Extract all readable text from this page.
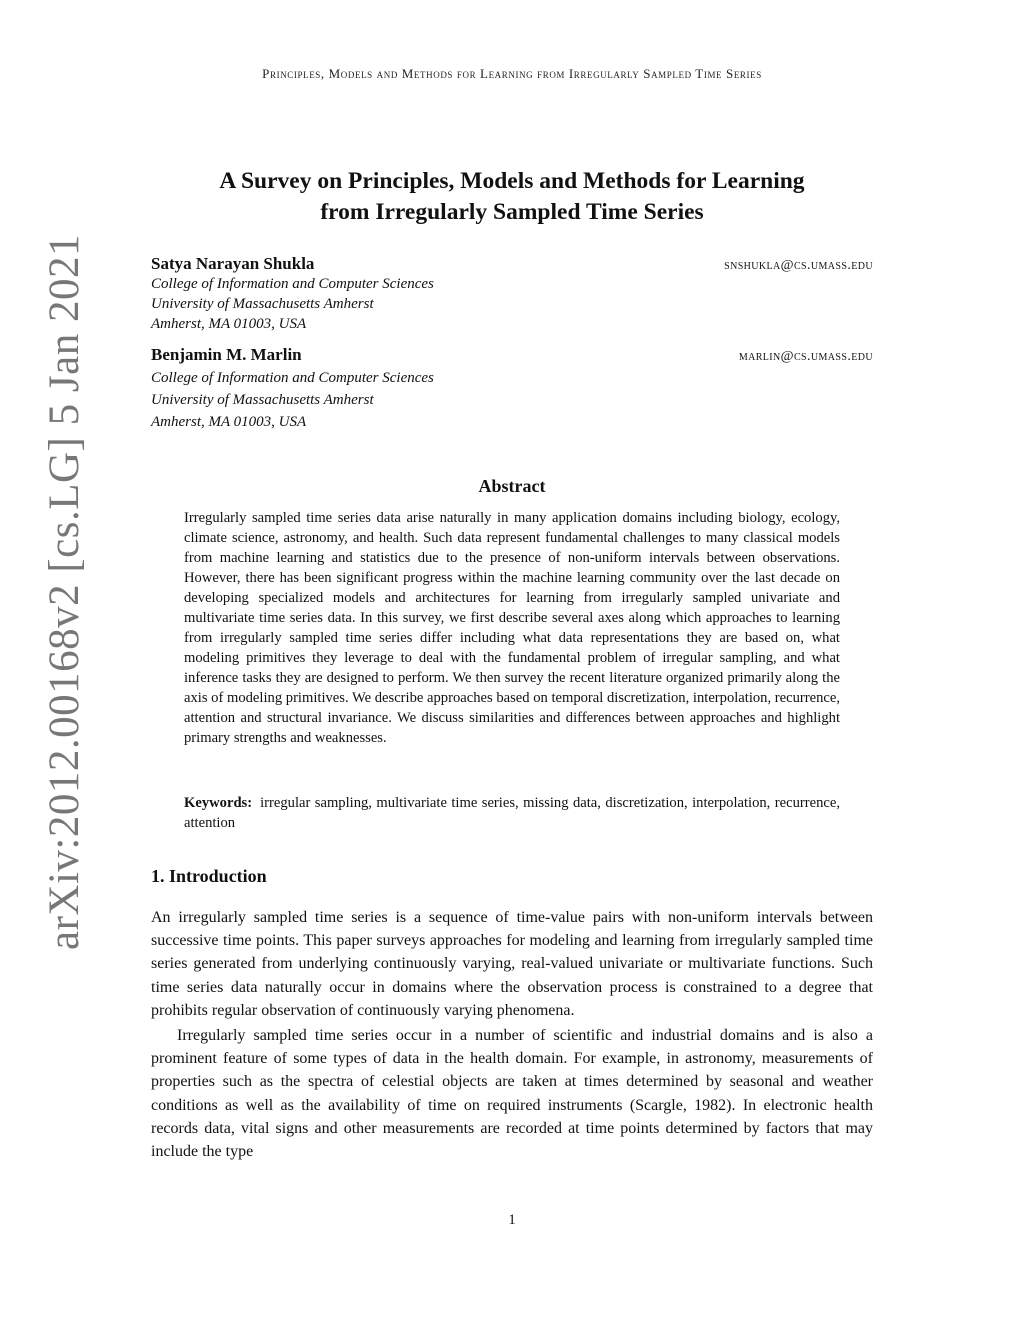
Principles, Models and Methods for Learning from Irregularly Sampled Time Series
arXiv:2012.00168v2 [cs.LG] 5 Jan 2021
A Survey on Principles, Models and Methods for Learning
from Irregularly Sampled Time Series
Satya Narayan Shukla	snshukla@cs.umass.edu
College of Information and Computer Sciences
University of Massachusetts Amherst
Amherst, MA 01003, USA
Benjamin M. Marlin	marlin@cs.umass.edu
College of Information and Computer Sciences
University of Massachusetts Amherst
Amherst, MA 01003, USA
Abstract
Irregularly sampled time series data arise naturally in many application domains including biology, ecology, climate science, astronomy, and health. Such data represent fundamental challenges to many classical models from machine learning and statistics due to the presence of non-uniform intervals between observations. However, there has been significant progress within the machine learning community over the last decade on developing specialized models and architectures for learning from irregularly sampled univariate and multivariate time series data. In this survey, we first describe several axes along which approaches to learning from irregularly sampled time series differ including what data representations they are based on, what modeling primitives they leverage to deal with the fundamental problem of irregular sampling, and what inference tasks they are designed to perform. We then survey the recent literature organized primarily along the axis of modeling primitives. We describe approaches based on temporal discretization, interpolation, recurrence, attention and structural invariance. We discuss similarities and differences between approaches and highlight primary strengths and weaknesses.
Keywords: irregular sampling, multivariate time series, missing data, discretization, interpolation, recurrence, attention
1. Introduction

An irregularly sampled time series is a sequence of time-value pairs with non-uniform intervals between successive time points. This paper surveys approaches for modeling and learning from irregularly sampled time series generated from underlying continuously varying, real-valued univariate or multivariate functions. Such time series data naturally occur in domains where the observation process is constrained to a degree that prohibits regular observation of continuously varying phenomena.

Irregularly sampled time series occur in a number of scientific and industrial domains and is also a prominent feature of some types of data in the health domain. For example, in astronomy, measurements of properties such as the spectra of celestial objects are taken at times determined by seasonal and weather conditions as well as the availability of time on required instruments (Scargle, 1982). In electronic health records data, vital signs and other measurements are recorded at time points determined by factors that may include the type

1
